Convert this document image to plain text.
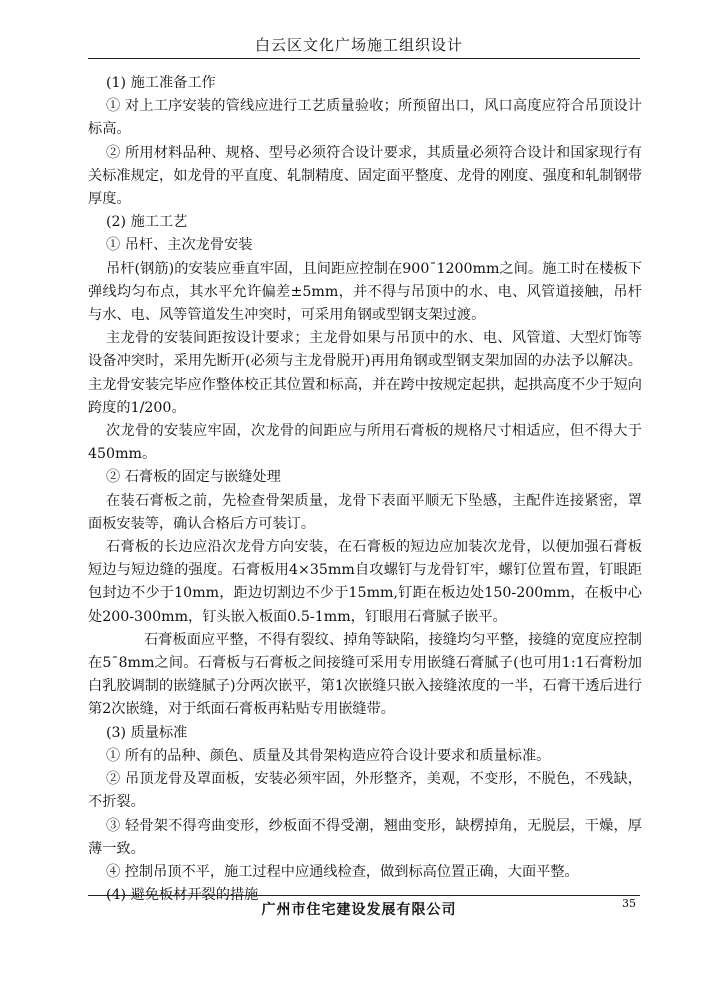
白云区文化广场施工组织设计

(1) 施工准备工作

① 对上工序安装的管线应进行工艺质量验收；所预留出口，风口高度应符合吊顶设计标高。

② 所用材料品种、规格、型号必须符合设计要求，其质量必须符合设计和国家现行有关标准规定，如龙骨的平直度、轧制精度、固定面平整度、龙骨的刚度、强度和轧制钢带厚度。

(2) 施工工艺

① 吊杆、主次龙骨安装

吊杆(钢筋)的安装应垂直牢固，且间距应控制在900¯1200mm之间。施工时在楼板下弹线均匀布点，其水平允许偏差±5mm，并不得与吊顶中的水、电、风管道接触，吊杆与水、电、风等管道发生冲突时，可采用角钢或型钢支架过渡。

主龙骨的安装间距按设计要求；主龙骨如果与吊顶中的水、电、风管道、大型灯饰等设备冲突时，采用先断开(必须与主龙骨脱开)再用角钢或型钢支架加固的办法予以解决。主龙骨安装完毕应作整体校正其位置和标高，并在跨中按规定起拱，起拱高度不少于短向跨度的1/200。

次龙骨的安装应牢固，次龙骨的间距应与所用石膏板的规格尺寸相适应，但不得大于450mm。

② 石膏板的固定与嵌缝处理

在装石膏板之前，先检查骨架质量，龙骨下表面平顺无下坠感，主配件连接紧密，罩面板安装等，确认合格后方可装订。

石膏板的长边应沿次龙骨方向安装，在石膏板的短边应加装次龙骨，以便加强石膏板短边与短边缝的强度。石膏板用4×35mm自攻螺钉与龙骨钉牢，螺钉位置布置，钉眼距包封边不少于10mm，距边切割边不少于15mm,钉距在板边处150-200mm，在板中心处200-300mm，钉头嵌入板面0.5-1mm，钉眼用石膏腻子嵌平。

石膏板面应平整，不得有裂纹、掉角等缺陷，接缝均匀平整，接缝的宽度应控制在5¯8mm之间。石膏板与石膏板之间接缝可采用专用嵌缝石膏腻子(也可用1:1石膏粉加白乳胶调制的嵌缝腻子)分两次嵌平，第1次嵌缝只嵌入接缝浓度的一半，石膏干透后进行第2次嵌缝，对于纸面石膏板再粘贴专用嵌缝带。

(3) 质量标准

① 所有的品种、颜色、质量及其骨架构造应符合设计要求和质量标准。

② 吊顶龙骨及罩面板，安装必须牢固，外形整齐，美观，不变形，不脱色，不残缺，不折裂。

③ 轻骨架不得弯曲变形，纱板面不得受潮，翘曲变形，缺楞掉角，无脱层，干燥，厚薄一致。

④ 控制吊顶不平，施工过程中应通线检查，做到标高位置正确，大面平整。

(4) 避免板材开裂的措施

广州市住宅建设发展有限公司	35
